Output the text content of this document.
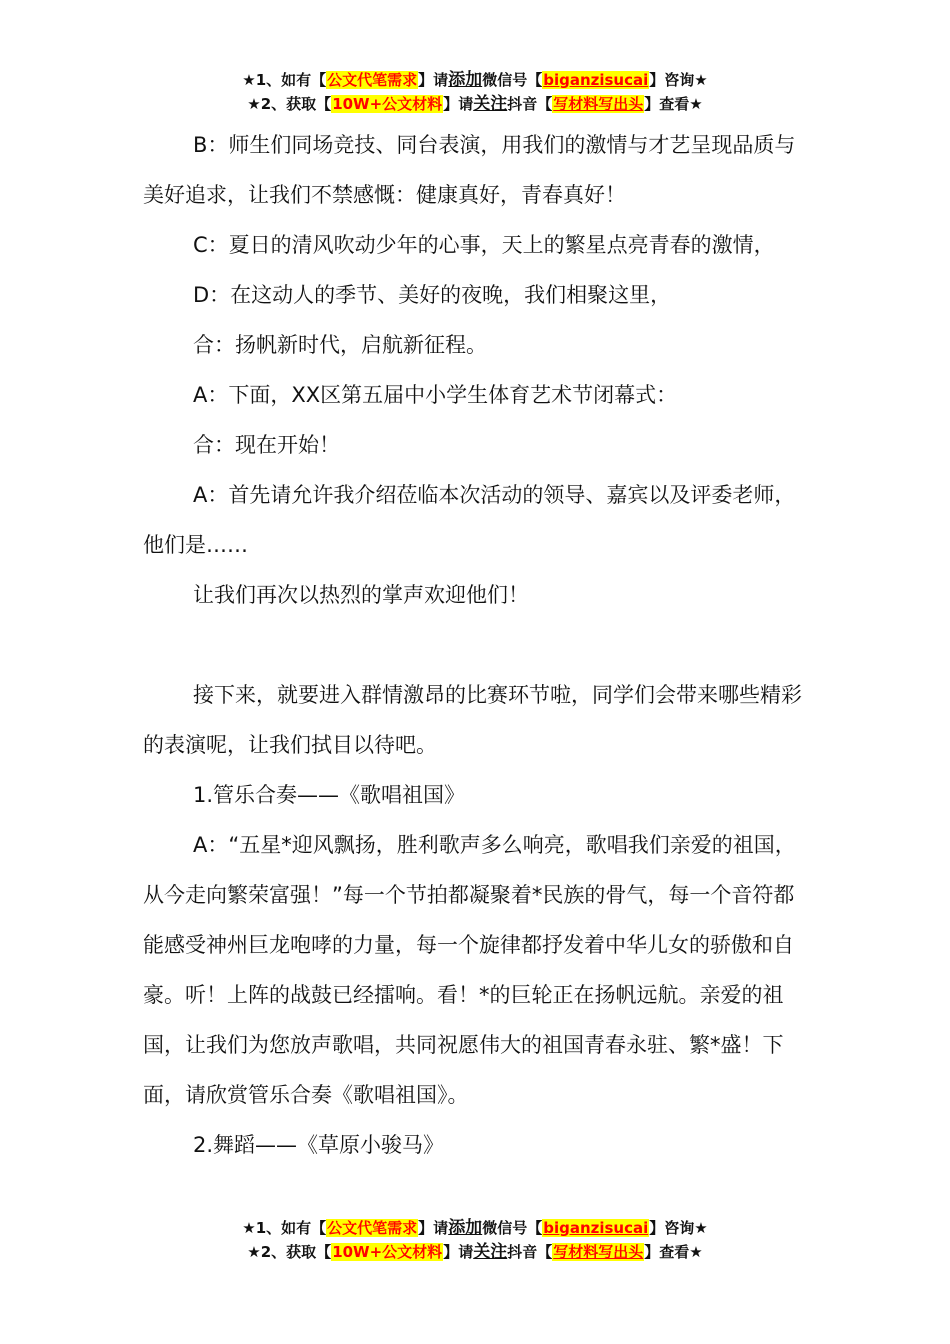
★1、如有【公文代笔需求】请添加微信号【biganzisucai】咨询★
★2、获取【10W+公文材料】请关注抖音【写材料写出头】查看★

B：师生们同场竞技、同台表演，用我们的激情与才艺呈现品质与美好追求，让我们不禁感慨：健康真好，青春真好！

C：夏日的清风吹动少年的心事，天上的繁星点亮青春的激情，

D：在这动人的季节、美好的夜晚，我们相聚这里，

合：扬帆新时代，启航新征程。

A：下面，XX区第五届中小学生体育艺术节闭幕式：

合：现在开始！

A：首先请允许我介绍莅临本次活动的领导、嘉宾以及评委老师，他们是……

让我们再次以热烈的掌声欢迎他们！

接下来，就要进入群情激昂的比赛环节啦，同学们会带来哪些精彩的表演呢，让我们拭目以待吧。

1.管乐合奏——《歌唱祖国》

A：“五星*迎风飘扬，胜利歌声多么响亮，歌唱我们亲爱的祖国，从今走向繁荣富强！”每一个节拍都凝聚着*民族的骨气，每一个音符都能感受神州巨龙咆哮的力量，每一个旋律都抒发着中华儿女的骄傲和自豪。听！上阵的战鼓已经擂响。看！*的巨轮正在扬帆远航。亲爱的祖国，让我们为您放声歌唱，共同祝愿伟大的祖国青春永驻、繁*盛！下面，请欣赏管乐合奏《歌唱祖国》。

2.舞蹈——《草原小骏马》

★1、如有【公文代笔需求】请添加微信号【biganzisucai】咨询★
★2、获取【10W+公文材料】请关注抖音【写材料写出头】查看★
